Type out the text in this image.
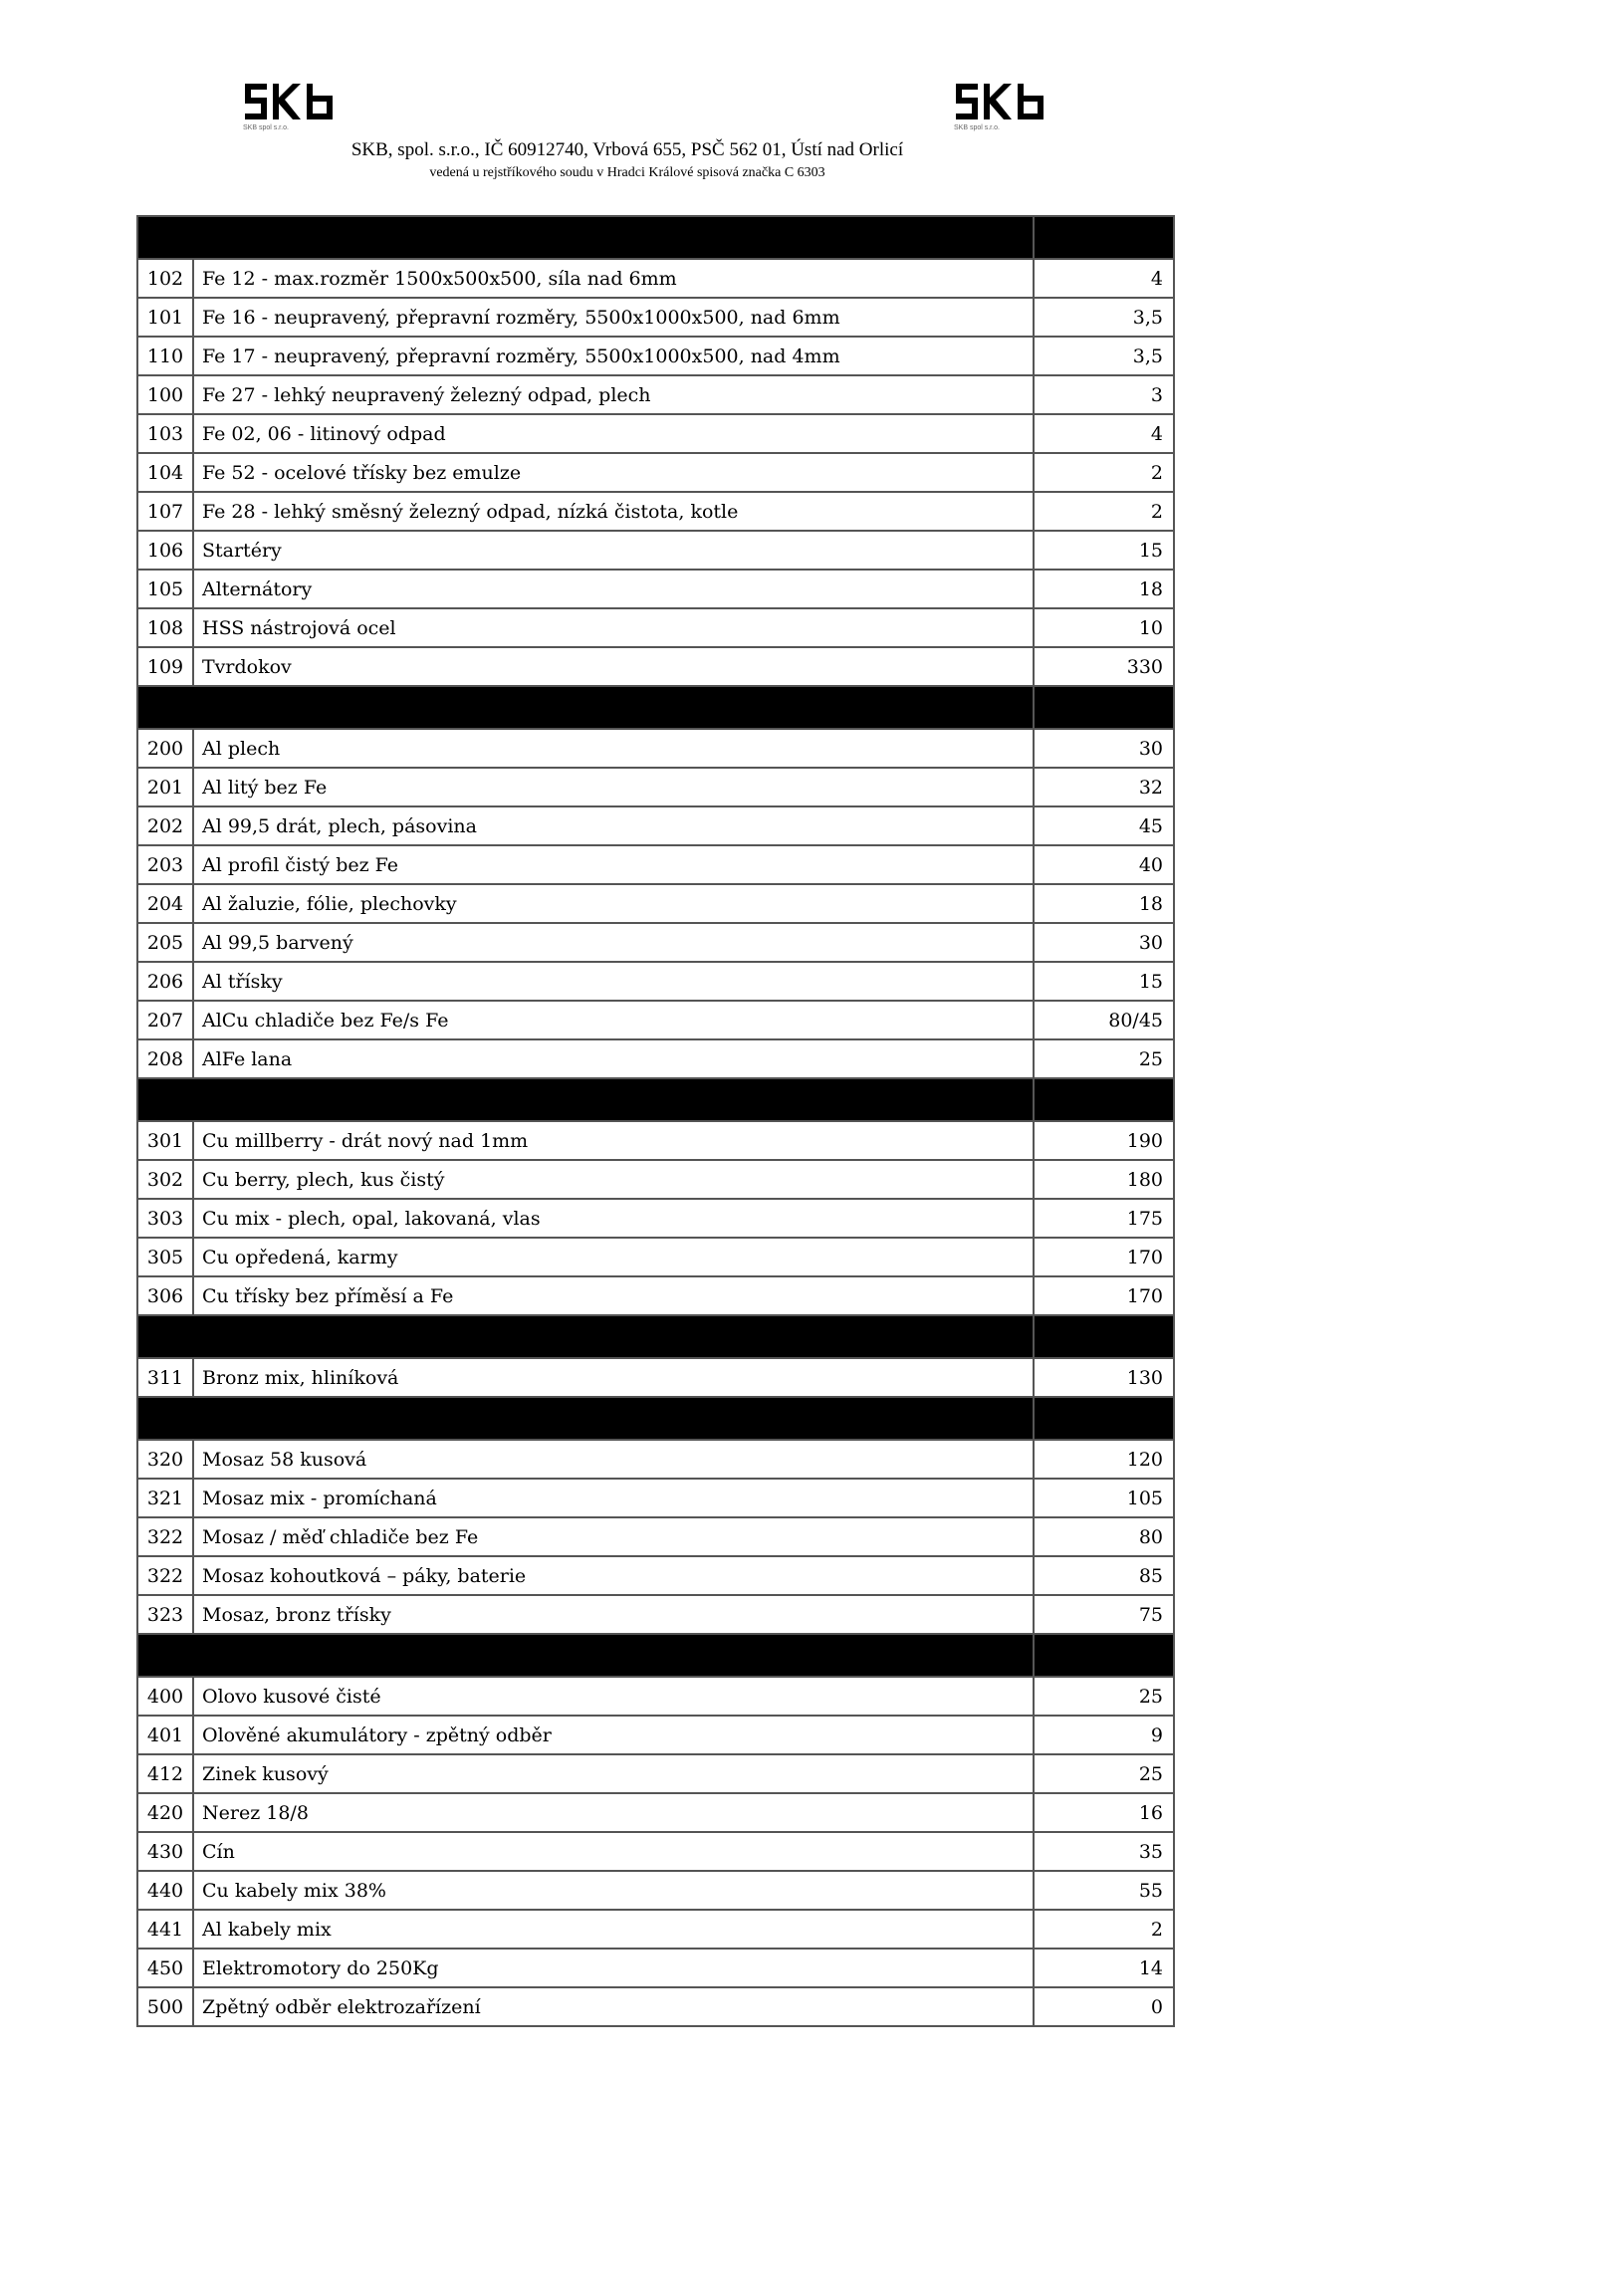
SKB spol s.r.o.	SKB spol s.r.o.
SKB, spol. s.r.o., IČ 60912740, Vrbová 655, PSČ 562 01, Ústí nad Orlicí
vedená u rejstříkového soudu v Hradci Králové spisová značka C 6303

102	Fe 12 - max.rozměr 1500x500x500, síla nad 6mm	4
101	Fe 16 - neupravený, přepravní rozměry, 5500x1000x500, nad 6mm	3,5
110	Fe 17 - neupravený, přepravní rozměry, 5500x1000x500, nad 4mm	3,5
100	Fe 27 - lehký neupravený železný odpad, plech	3
103	Fe 02, 06 - litinový odpad	4
104	Fe 52 - ocelové třísky bez emulze	2
107	Fe 28 - lehký směsný železný odpad, nízká čistota, kotle	2
106	Startéry	15
105	Alternátory	18
108	HSS nástrojová ocel	10
109	Tvrdokov	330

200	Al plech	30
201	Al litý bez Fe	32
202	Al 99,5 drát, plech, pásovina	45
203	Al profil čistý bez Fe	40
204	Al žaluzie, fólie, plechovky	18
205	Al 99,5 barvený	30
206	Al třísky	15
207	AlCu chladiče bez Fe/s Fe	80/45
208	AlFe lana	25

301	Cu millberry - drát nový nad 1mm	190
302	Cu berry, plech, kus čistý	180
303	Cu mix - plech, opal, lakovaná, vlas	175
305	Cu opředená, karmy	170
306	Cu třísky bez příměsí a Fe	170

311	Bronz mix, hliníková	130

320	Mosaz 58 kusová	120
321	Mosaz mix - promíchaná	105
322	Mosaz / měď chladiče bez Fe	80
322	Mosaz kohoutková – páky, baterie	85
323	Mosaz, bronz třísky	75

400	Olovo kusové čisté	25
401	Olověné akumulátory - zpětný odběr	9
412	Zinek kusový	25
420	Nerez 18/8	16
430	Cín	35
440	Cu kabely mix 38%	55
441	Al kabely mix	2
450	Elektromotory do 250Kg	14
500	Zpětný odběr elektrozařízení	0
